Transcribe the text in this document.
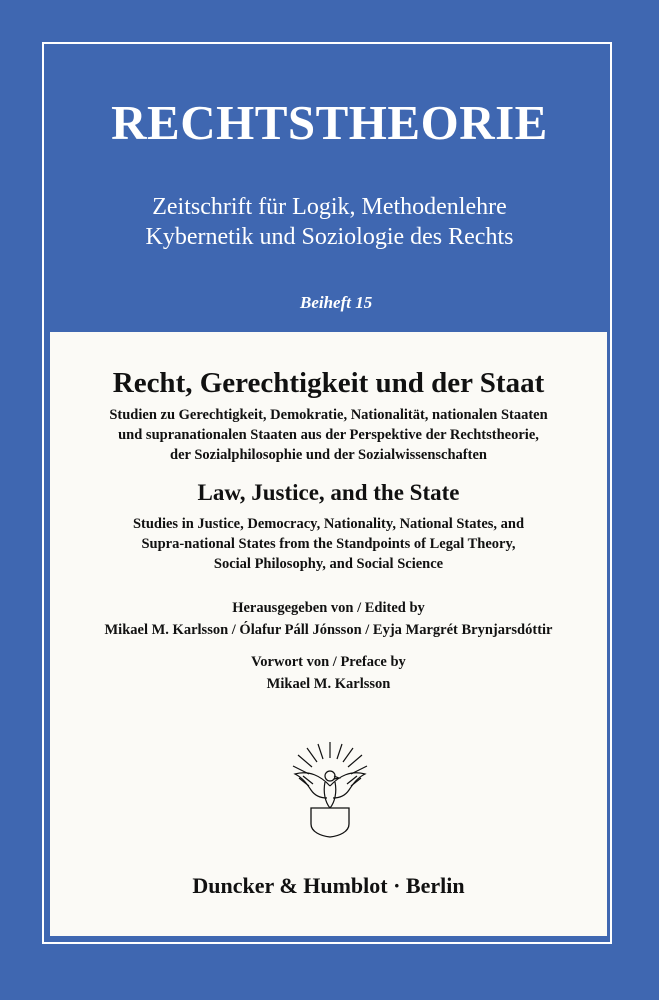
RECHTSTHEORIE
Zeitschrift für Logik, Methodenlehre
Kybernetik und Soziologie des Rechts
Beiheft 15
Recht, Gerechtigkeit und der Staat
Studien zu Gerechtigkeit, Demokratie, Nationalität, nationalen Staaten
und supranationalen Staaten aus der Perspektive der Rechtstheorie,
der Sozialphilosophie und der Sozialwissenschaften
Law, Justice, and the State
Studies in Justice, Democracy, Nationality, National States, and
Supra-national States from the Standpoints of Legal Theory,
Social Philosophy, and Social Science
Herausgegeben von / Edited by
Mikael M. Karlsson / Ólafur Páll Jónsson / Eyja Margrét Brynjarsdóttir
Vorwort von / Preface by
Mikael M. Karlsson
Duncker & Humblot · Berlin
